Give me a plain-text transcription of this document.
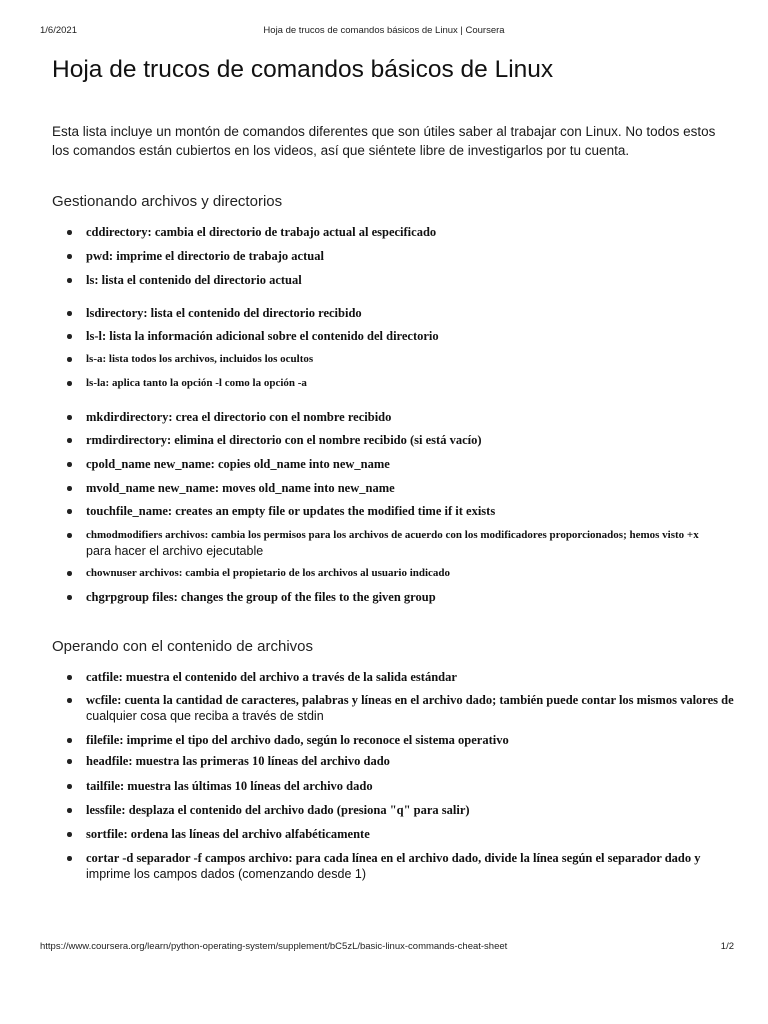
1/6/2021	Hoja de trucos de comandos básicos de Linux | Coursera
Hoja de trucos de comandos básicos de Linux

Esta lista incluye un montón de comandos diferentes que son útiles saber al trabajar con Linux. No todos estos
los comandos están cubiertos en los videos, así que siéntete libre de investigarlos por tu cuenta.

Gestionando archivos y directorios
cddirectory: cambia el directorio de trabajo actual al especificado
pwd: imprime el directorio de trabajo actual
ls: lista el contenido del directorio actual
lsdirectory: lista el contenido del directorio recibido
ls-l: lista la información adicional sobre el contenido del directorio
ls-a: lista todos los archivos, incluidos los ocultos
ls-la: aplica tanto la opción -l como la opción -a
mkdirdirectory: crea el directorio con el nombre recibido
rmdirdirectory: elimina el directorio con el nombre recibido (si está vacío)
cpold_name new_name: copies old_name into new_name
mvold_name new_name: moves old_name into new_name
touchfile_name: creates an empty file or updates the modified time if it exists
chmodmodifiers archivos: cambia los permisos para los archivos de acuerdo con los modificadores proporcionados; hemos visto +x
para hacer el archivo ejecutable
chownuser archivos: cambia el propietario de los archivos al usuario indicado
chgrpgroup files: changes the group of the files to the given group
Operando con el contenido de archivos
catfile: muestra el contenido del archivo a través de la salida estándar
wcfile: cuenta la cantidad de caracteres, palabras y líneas en el archivo dado; también puede contar los mismos valores de
cualquier cosa que reciba a través de stdin
filefile: imprime el tipo del archivo dado, según lo reconoce el sistema operativo
headfile: muestra las primeras 10 líneas del archivo dado
tailfile: muestra las últimas 10 líneas del archivo dado
lessfile: desplaza el contenido del archivo dado (presiona "q" para salir)
sortfile: ordena las líneas del archivo alfabéticamente
cortar -d separador -f campos archivo: para cada línea en el archivo dado, divide la línea según el separador dado y
imprime los campos dados (comenzando desde 1)
https://www.coursera.org/learn/python-operating-system/supplement/bC5zL/basic-linux-commands-cheat-sheet	1/2
